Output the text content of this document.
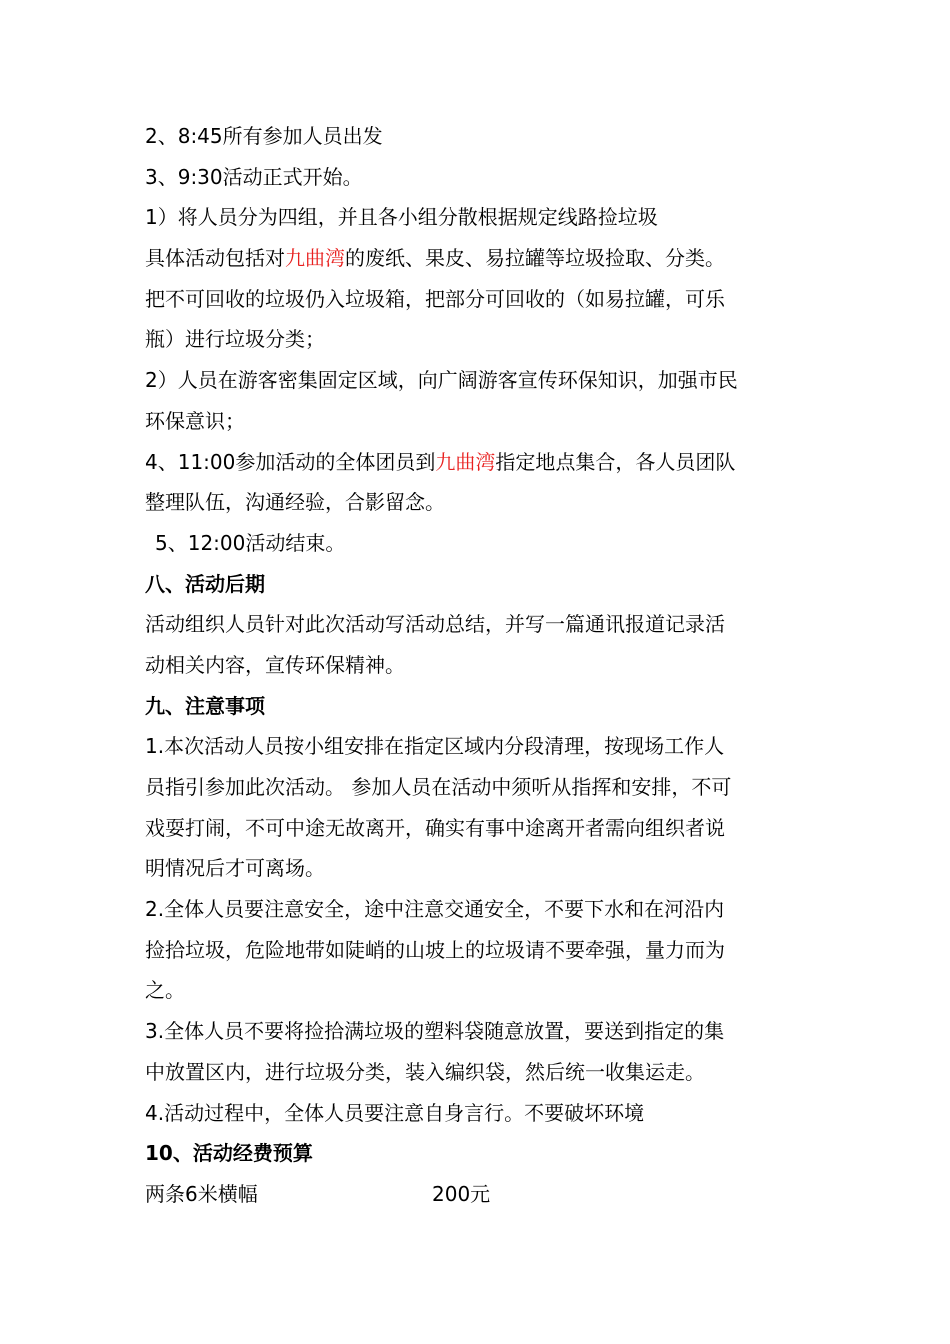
2、8:45所有参加人员出发
3、9:30活动正式开始。
1）将人员分为四组，并且各小组分散根据规定线路捡垃圾
具体活动包括对九曲湾的废纸、果皮、易拉罐等垃圾捡取、分类。
把不可回收的垃圾仍入垃圾箱，把部分可回收的（如易拉罐，可乐
瓶）进行垃圾分类；
2）人员在游客密集固定区域，向广阔游客宣传环保知识，加强市民
环保意识；
4、11:00参加活动的全体团员到九曲湾指定地点集合，各人员团队
整理队伍，沟通经验，合影留念。
5、12:00活动结束。
八、活动后期
活动组织人员针对此次活动写活动总结，并写一篇通讯报道记录活
动相关内容，宣传环保精神。
九、注意事项
1.本次活动人员按小组安排在指定区域内分段清理，按现场工作人
员指引参加此次活动。 参加人员在活动中须听从指挥和安排，不可
戏耍打闹，不可中途无故离开，确实有事中途离开者需向组织者说
明情况后才可离场。
2.全体人员要注意安全，途中注意交通安全，不要下水和在河沿内
捡拾垃圾，危险地带如陡峭的山坡上的垃圾请不要牵强，量力而为
之。
3.全体人员不要将捡拾满垃圾的塑料袋随意放置，要送到指定的集
中放置区内，进行垃圾分类，装入编织袋，然后统一收集运走。
4.活动过程中，全体人员要注意自身言行。不要破坏环境
10、活动经费预算
两条6米横幅	200元
